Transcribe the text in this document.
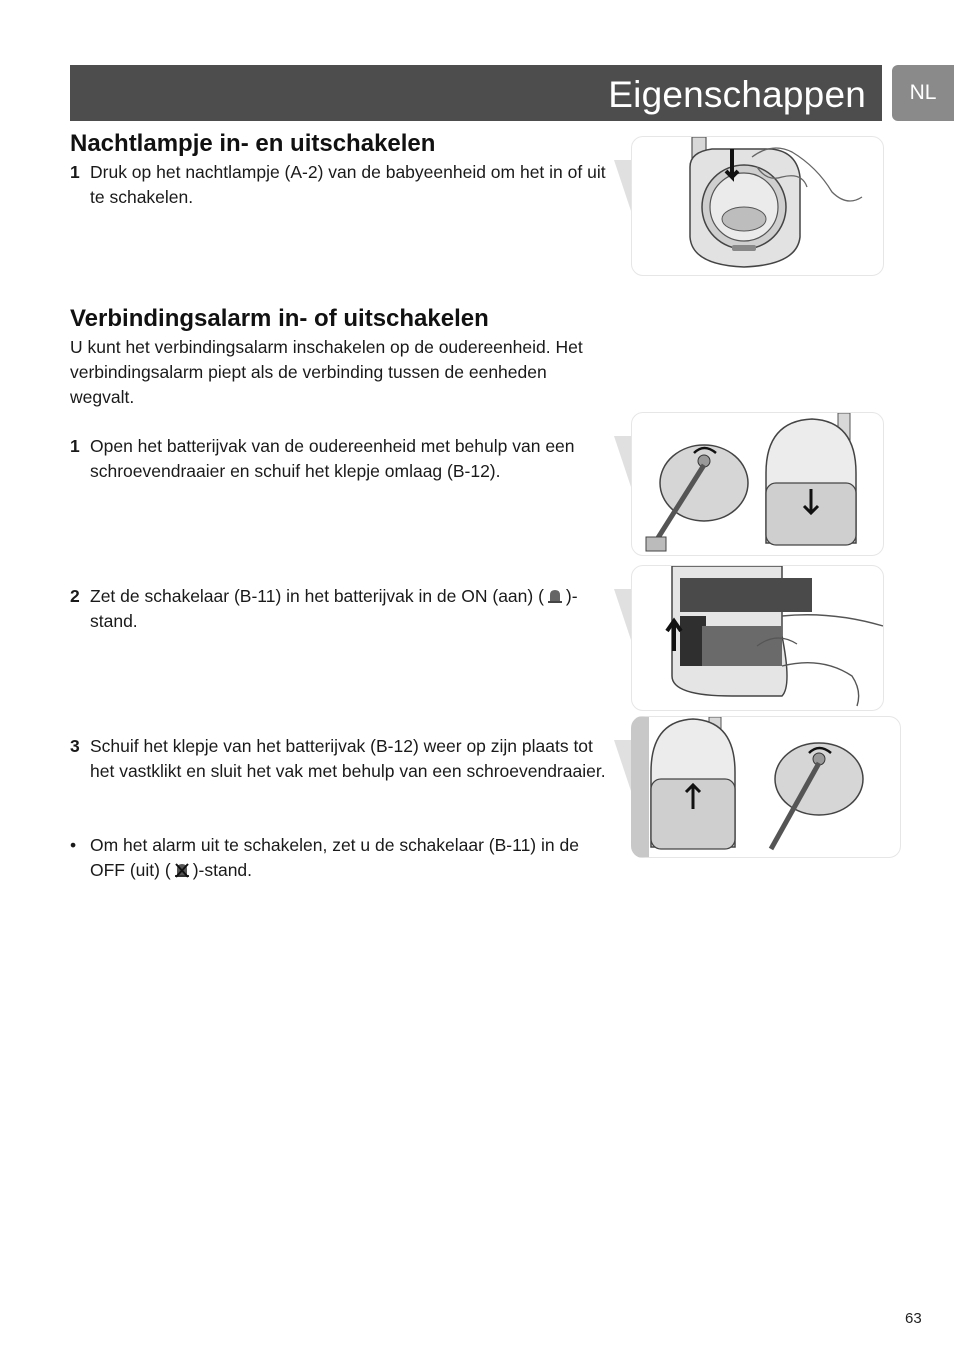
Eigenschappen	NL
Nachtlampje in- en uitschakelen
1 Druk op het nachtlampje (A-2) van de babyeenheid om het in of uit te schakelen.
Verbindingsalarm in- of uitschakelen
U kunt het verbindingsalarm inschakelen op de oudereenheid. Het verbindingsalarm piept als de verbinding tussen de eenheden wegvalt.
1 Open het batterijvak van de oudereenheid met behulp van een schroevendraaier en schuif het klepje omlaag (B-12).
2 Zet de schakelaar (B-11) in het batterijvak in de ON (aan) ( )-stand.
3 Schuif het klepje van het batterijvak (B-12) weer op zijn plaats tot het vastklikt en sluit het vak met behulp van een schroevendraaier.
• Om het alarm uit te schakelen, zet u de schakelaar (B-11) in de OFF (uit) ( )-stand.
63
